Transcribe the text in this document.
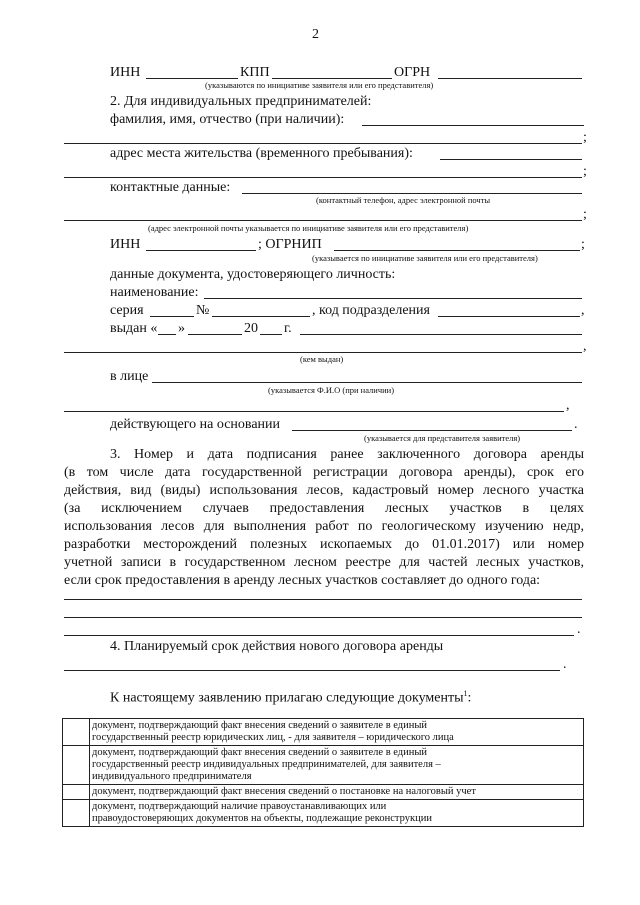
2
ИНН	КПП	ОГРН
(указываются по инициативе заявителя или его представителя)
2. Для индивидуальных предпринимателей:
фамилия, имя, отчество (при наличии):
;
адрес места жительства (временного пребывания):
;
контактные данные:
(контактный телефон, адрес электронной почты
;
(адрес электронной почты указывается по инициативе заявителя или его представителя)
ИНН	; ОГРНИП	;
(указывается по инициативе заявителя или его представителя)
данные документа, удостоверяющего личность:
наименование:
серия	№	, код подразделения	,
выдан « »	20 г.
,
(кем выдан)
в лице
(указывается Ф.И.О (при наличии)
,
действующего на основании	.
(указывается для представителя заявителя)
3. Номер и дата подписания ранее заключенного договора аренды
(в том числе дата государственной регистрации договора аренды), срок его
действия, вид (виды) использования лесов, кадастровый номер лесного участка
(за исключением случаев предоставления лесных участков в целях
использования лесов для выполнения работ по геологическому изучению недр,
разработки месторождений полезных ископаемых до 01.01.2017) или номер
учетной записи в государственном лесном реестре для частей лесных участков,
если срок предоставления в аренду лесных участков составляет до одного года:
.
4. Планируемый срок действия нового договора аренды
.
К настоящему заявлению прилагаю следующие документы$^1$:

	документ, подтверждающий факт внесения сведений о заявителе в единый
государственный реестр юридических лиц, - для заявителя – юридического лица

	документ, подтверждающий факт внесения сведений о заявителе в единый
государственный реестр индивидуальных предпринимателей, для заявителя –
индивидуального предпринимателя

	документ, подтверждающий факт внесения сведений о постановке на налоговый учет

	документ, подтверждающий наличие правоустанавливающих или
правоудостоверяющих документов на объекты, подлежащие реконструкции
